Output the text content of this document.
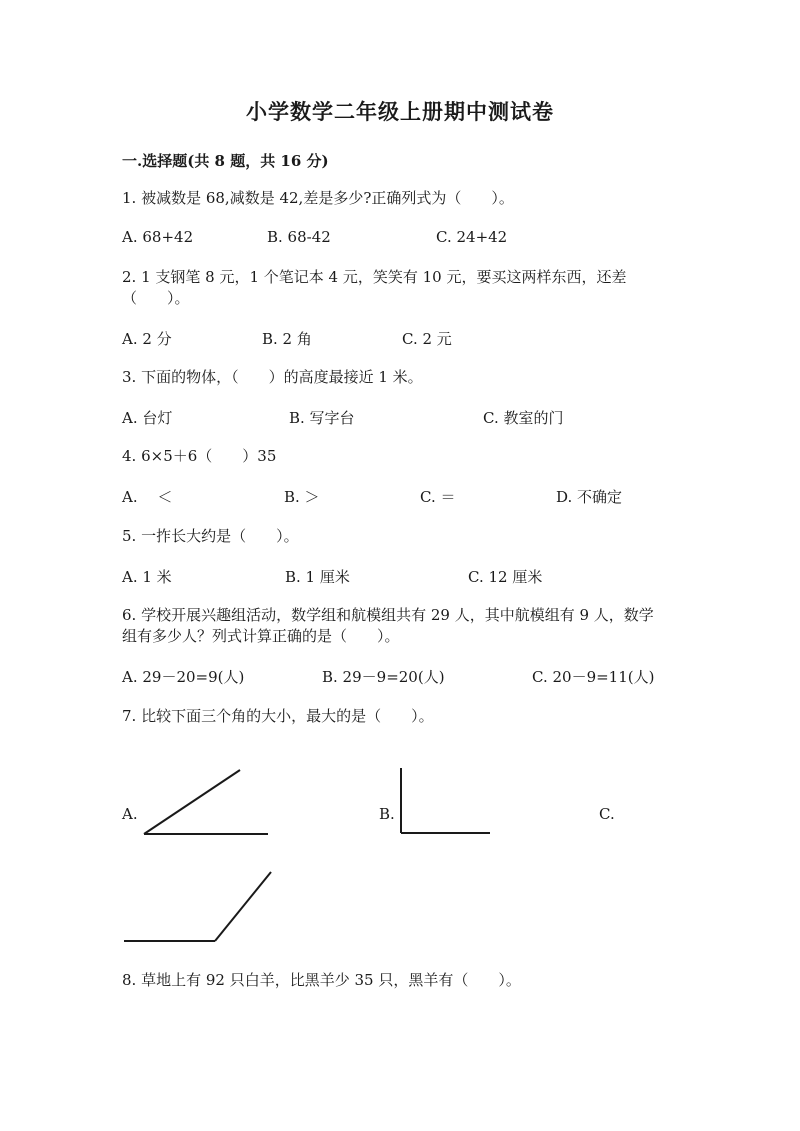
小学数学二年级上册期中测试卷
一.选择题(共 8 题，共 16 分)
1. 被减数是 68,减数是 42,差是多少?正确列式为（　　）。
A. 68+42	B. 68-42	C. 24+42
2. 1 支钢笔 8 元，1 个笔记本 4 元，笑笑有 10 元，要买这两样东西，还差
（　　）。
A. 2 分	B. 2 角	C. 2 元
3. 下面的物体，（　　）的高度最接近 1 米。
A. 台灯	B. 写字台	C. 教室的门
4. 6×5＋6（　　）35
A.　 ＜	B. ＞	C. ＝	D. 不确定
5. 一拃长大约是（　　）。
A. 1 米	B. 1 厘米	C. 12 厘米
6. 学校开展兴趣组活动，数学组和航模组共有 29 人，其中航模组有 9 人，数学
组有多少人？列式计算正确的是（　　）。
A. 29－20=9(人)	B. 29－9=20(人)	C. 20－9=11(人)
7. 比较下面三个角的大小，最大的是（　　）。
A.	B.	C.
8. 草地上有 92 只白羊，比黑羊少 35 只，黑羊有（　　）。
